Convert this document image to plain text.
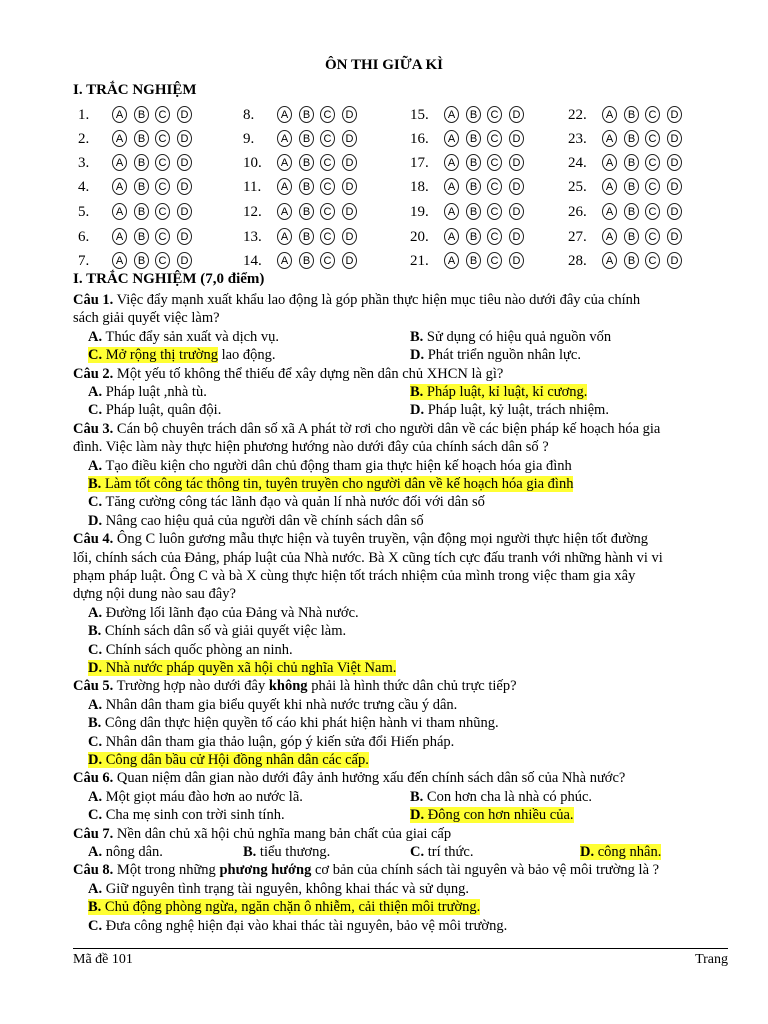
ÔN THI GIỮA KÌ
I. TRẮC NGHIỆM
1.	A	B	C	D
2.	A	B	C	D
3.	A	B	C	D
4.	A	B	C	D
5.	A	B	C	D
6.	A	B	C	D
7.	A	B	C	D
8.	A	B	C	D
9.	A	B	C	D
10.	A	B	C	D
11.	A	B	C	D
12.	A	B	C	D
13.	A	B	C	D
14.	A	B	C	D
15.	A	B	C	D
16.	A	B	C	D
17.	A	B	C	D
18.	A	B	C	D
19.	A	B	C	D
20.	A	B	C	D
21.	A	B	C	D
22.	A	B	C	D
23.	A	B	C	D
24.	A	B	C	D
25.	A	B	C	D
26.	A	B	C	D
27.	A	B	C	D
28.	A	B	C	D
I. TRẮC NGHIỆM (7,0 điểm)
Câu 1. Việc đẩy mạnh xuất khẩu lao động là góp phần thực hiện mục tiêu nào dưới đây của chính
sách giải quyết việc làm?
A. Thúc đẩy sản xuất và dịch vụ.	B. Sử dụng có hiệu quả nguồn vốn
C. Mở rộng thị trường lao động.	D. Phát triển nguồn nhân lực.
Câu 2. Một yếu tố không thể thiếu để xây dựng nền dân chủ XHCN là gì?
A. Pháp luật ,nhà tù.	B. Pháp luật, kỉ luật, kỉ cương.
C. Pháp luật, quân đội.	D. Pháp luật, kỷ luật, trách nhiệm.
Câu 3. Cán bộ chuyên trách dân số xã A phát tờ rơi cho người dân về các biện pháp kế hoạch hóa gia
đình. Việc làm này thực hiện phương hướng nào dưới đây của chính sách dân số ?
A. Tạo điều kiện cho người dân chủ động tham gia thực hiện kế hoạch hóa gia đình
B. Làm tốt công tác thông tin, tuyên truyền cho người dân về kế hoạch hóa gia đình
C. Tăng cường công tác lãnh đạo và quản lí nhà nước đối với dân số
D. Nâng cao hiệu quả của người dân về chính sách dân số
Câu 4. Ông C luôn gương mẫu thực hiện và tuyên truyền, vận động mọi người thực hiện tốt đường
lối, chính sách của Đảng, pháp luật của Nhà nước. Bà X cũng tích cực đấu tranh với những hành vi vi
phạm pháp luật. Ông C và bà X cùng thực hiện tốt trách nhiệm của mình trong việc tham gia xây
dựng nội dung nào sau đây?
A. Đường lối lãnh đạo của Đảng và Nhà nước.
B. Chính sách dân số và giải quyết việc làm.
C. Chính sách quốc phòng an ninh.
D. Nhà nước pháp quyền xã hội chủ nghĩa Việt Nam.
Câu 5. Trường hợp nào dưới đây không phải là hình thức dân chủ trực tiếp?
A. Nhân dân tham gia biểu quyết khi nhà nước trưng cầu ý dân.
B. Công dân thực hiện quyền tố cáo khi phát hiện hành vi tham nhũng.
C. Nhân dân tham gia thảo luận, góp ý kiến sửa đổi Hiến pháp.
D. Công dân bầu cử Hội đồng nhân dân các cấp.
Câu 6. Quan niệm dân gian nào dưới đây ảnh hưởng xấu đến chính sách dân số của Nhà nước?
A. Một giọt máu đào hơn ao nước lã.	B. Con hơn cha là nhà có phúc.
C. Cha mẹ sinh con trời sinh tính.	D. Đông con hơn nhiều của.
Câu 7. Nền dân chủ xã hội chủ nghĩa mang bản chất của giai cấp
A. nông dân.	B. tiểu thương.	C. trí thức.	D. công nhân.
Câu 8. Một trong những phương hướng cơ bản của chính sách tài nguyên và bảo vệ môi trường là ?
A. Giữ nguyên tình trạng tài nguyên, không khai thác và sử dụng.
B. Chủ động phòng ngừa, ngăn chặn ô nhiễm, cải thiện môi trường.
C. Đưa công nghệ hiện đại vào khai thác tài nguyên, bảo vệ môi trường.
Mã đề 101	Trang
